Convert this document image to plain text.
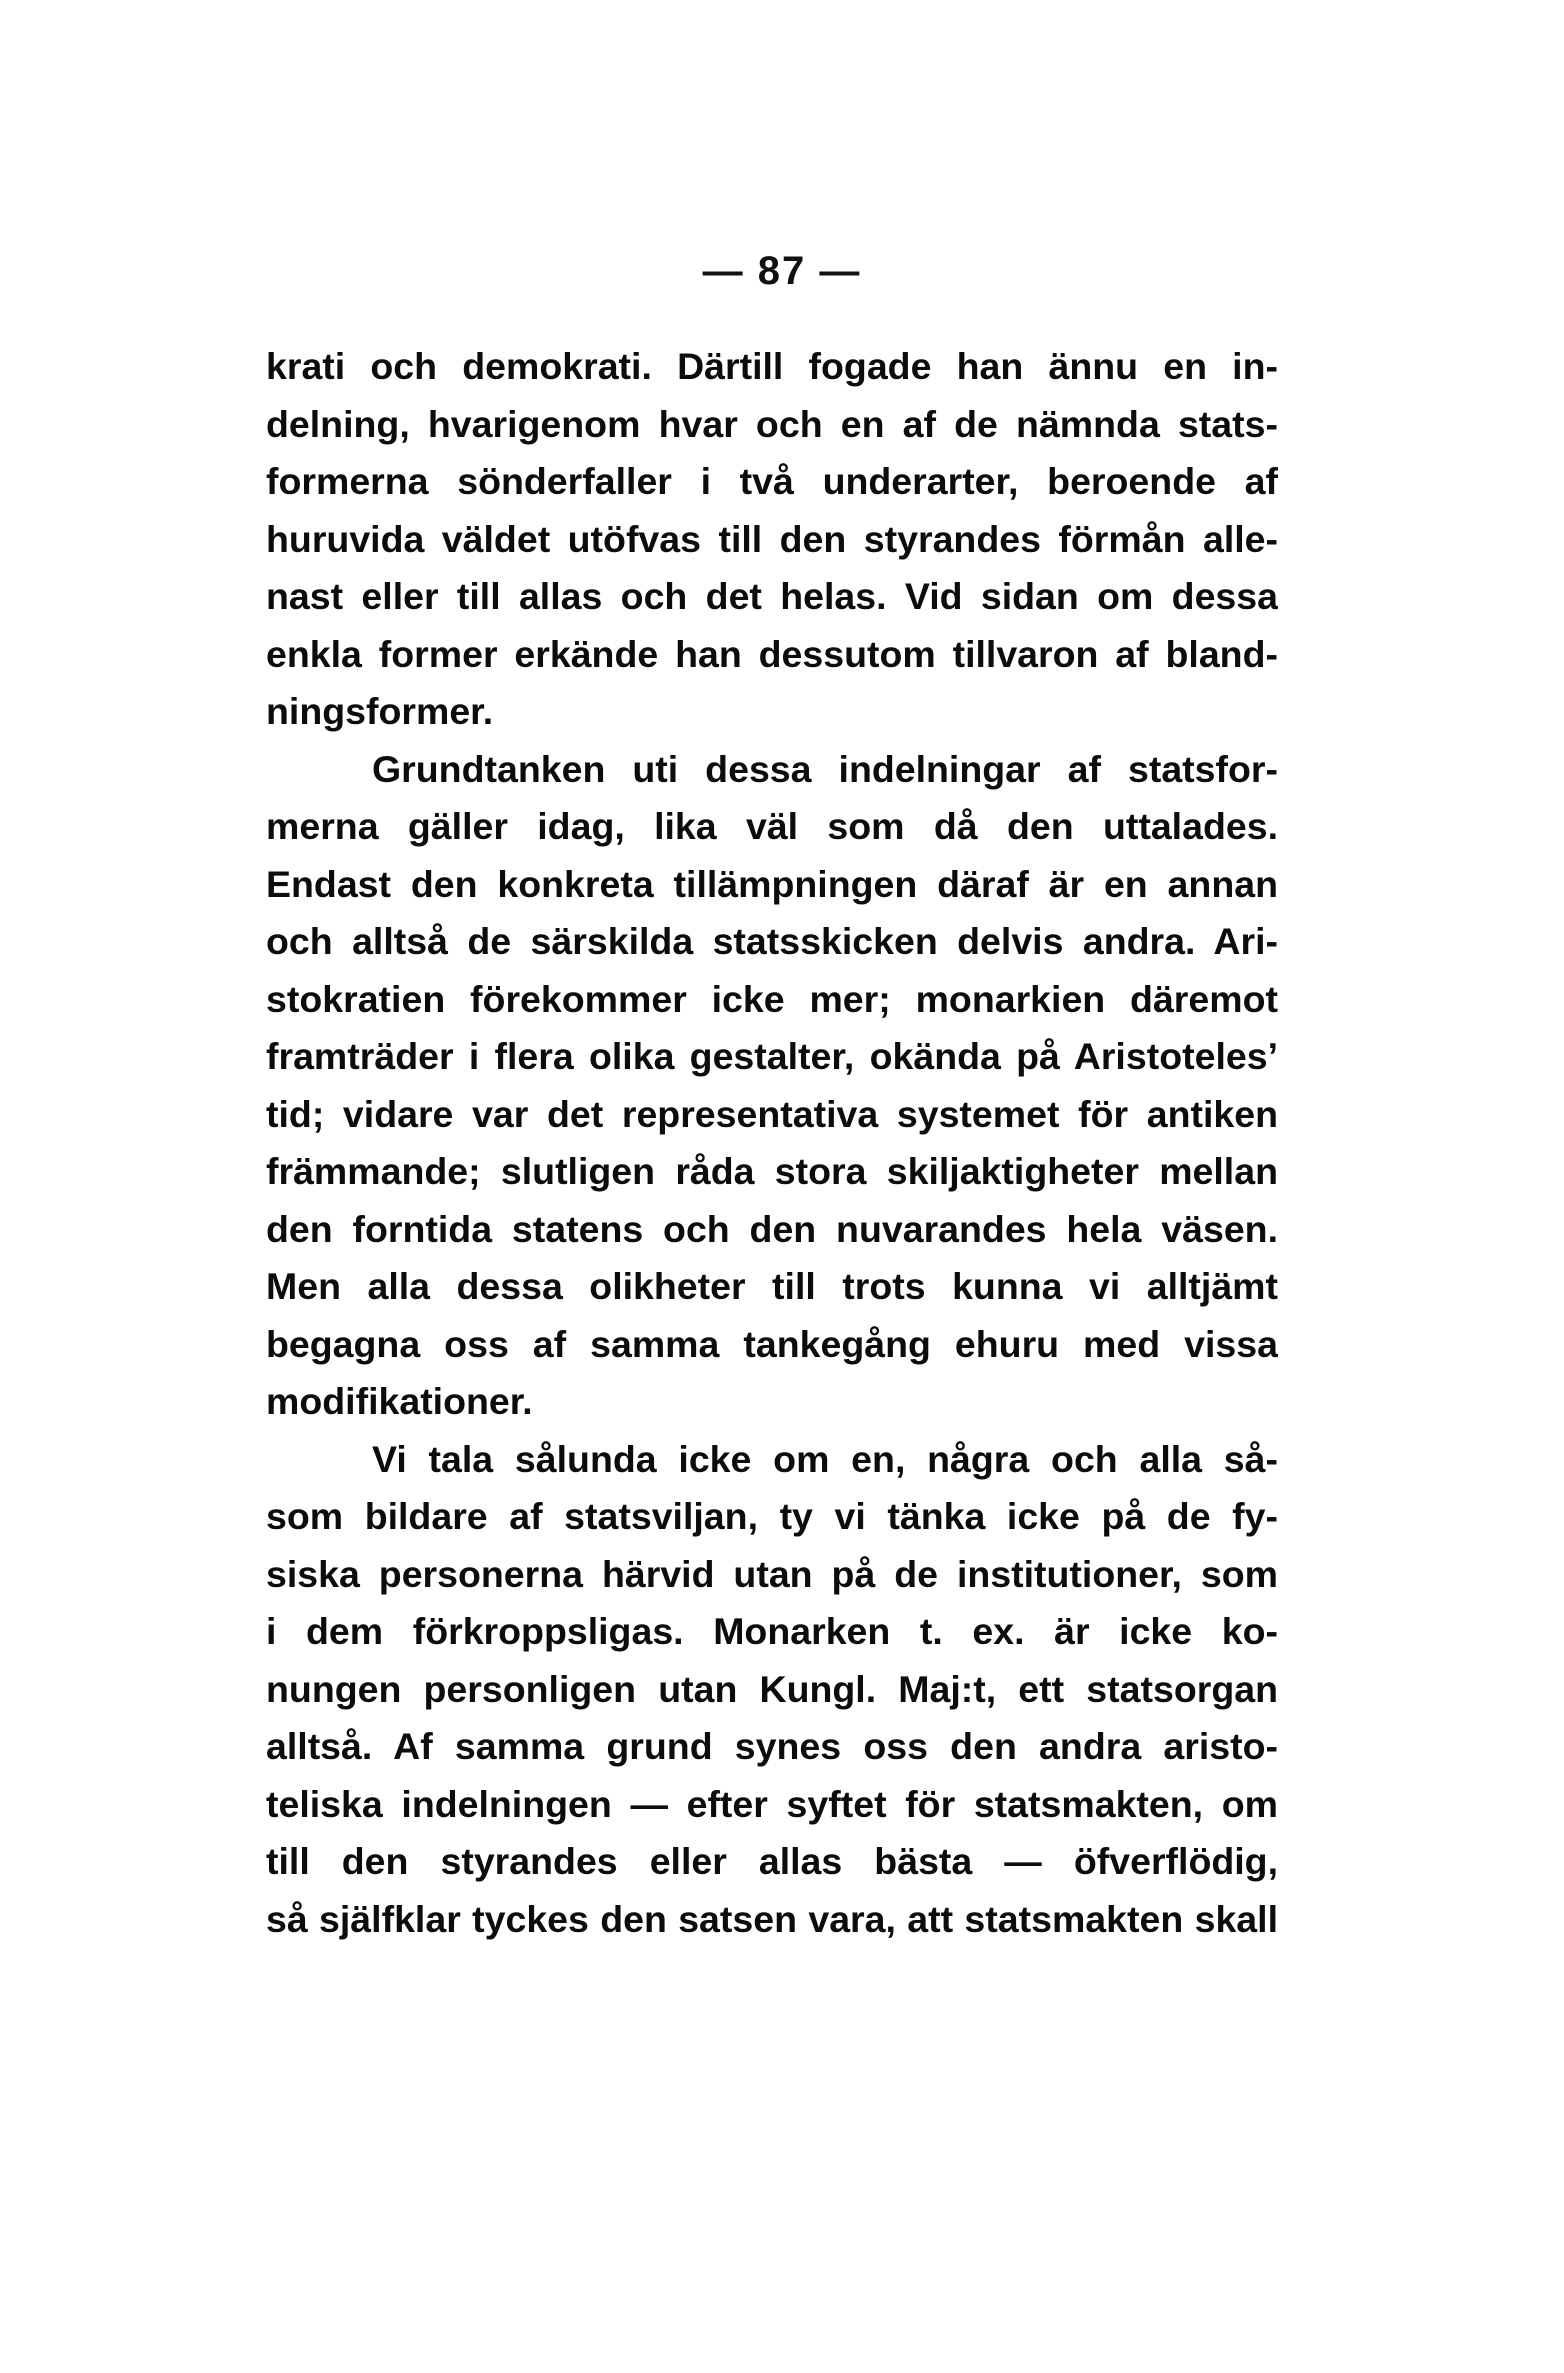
— 87 —
krati och demokrati. Därtill fogade han ännu en in-
delning, hvarigenom hvar och en af de nämnda stats-
formerna sönderfaller i två underarter, beroende af
huruvida väldet utöfvas till den styrandes förmån alle-
nast eller till allas och det helas. Vid sidan om dessa
enkla former erkände han dessutom tillvaron af bland-
ningsformer.
Grundtanken uti dessa indelningar af statsfor-
merna gäller idag, lika väl som då den uttalades.
Endast den konkreta tillämpningen däraf är en annan
och alltså de särskilda statsskicken delvis andra. Ari-
stokratien förekommer icke mer; monarkien däremot
framträder i flera olika gestalter, okända på Aristoteles’
tid; vidare var det representativa systemet för antiken
främmande; slutligen råda stora skiljaktigheter mellan
den forntida statens och den nuvarandes hela väsen.
Men alla dessa olikheter till trots kunna vi alltjämt
begagna oss af samma tankegång ehuru med vissa
modifikationer.
Vi tala sålunda icke om en, några och alla så-
som bildare af statsviljan, ty vi tänka icke på de fy-
siska personerna härvid utan på de institutioner, som
i dem förkroppsligas. Monarken t. ex. är icke ko-
nungen personligen utan Kungl. Maj:t, ett statsorgan
alltså. Af samma grund synes oss den andra aristo-
teliska indelningen — efter syftet för statsmakten, om
till den styrandes eller allas bästa — öfverflödig,
så själfklar tyckes den satsen vara, att statsmakten skall
